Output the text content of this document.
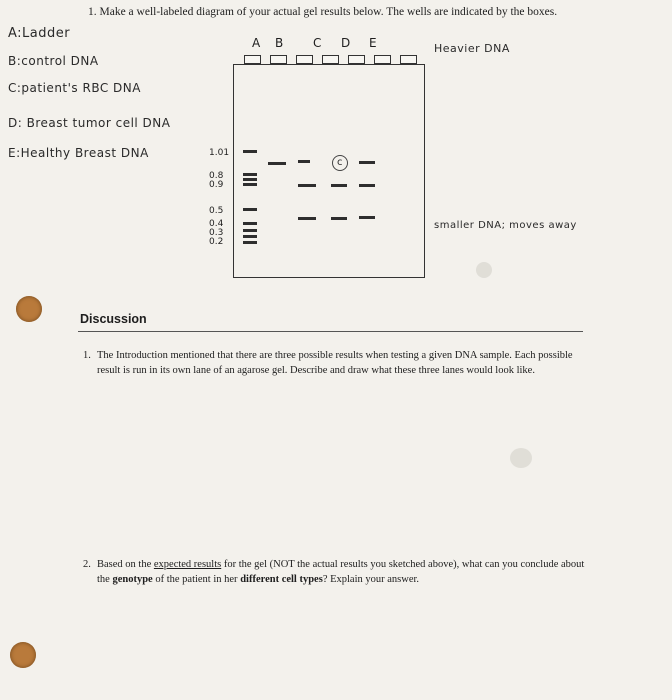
1. Make a well-labeled diagram of your actual gel results below. The wells are indicated by the boxes.
A:Ladder
B:control DNA
C:patient's RBC DNA
D: Breast tumor cell DNA
E:Healthy Breast DNA
A B C D E
1.01
0.8
0.9
0.5
0.4
0.3
0.2
c
Heavier DNA
smaller DNA; moves away
Discussion
1. The Introduction mentioned that there are three possible results when testing a given DNA sample. Each possible result is run in its own lane of an agarose gel. Describe and draw what these three lanes would look like.
2. Based on the expected results for the gel (NOT the actual results you sketched above), what can you conclude about the genotype of the patient in her different cell types? Explain your answer.
